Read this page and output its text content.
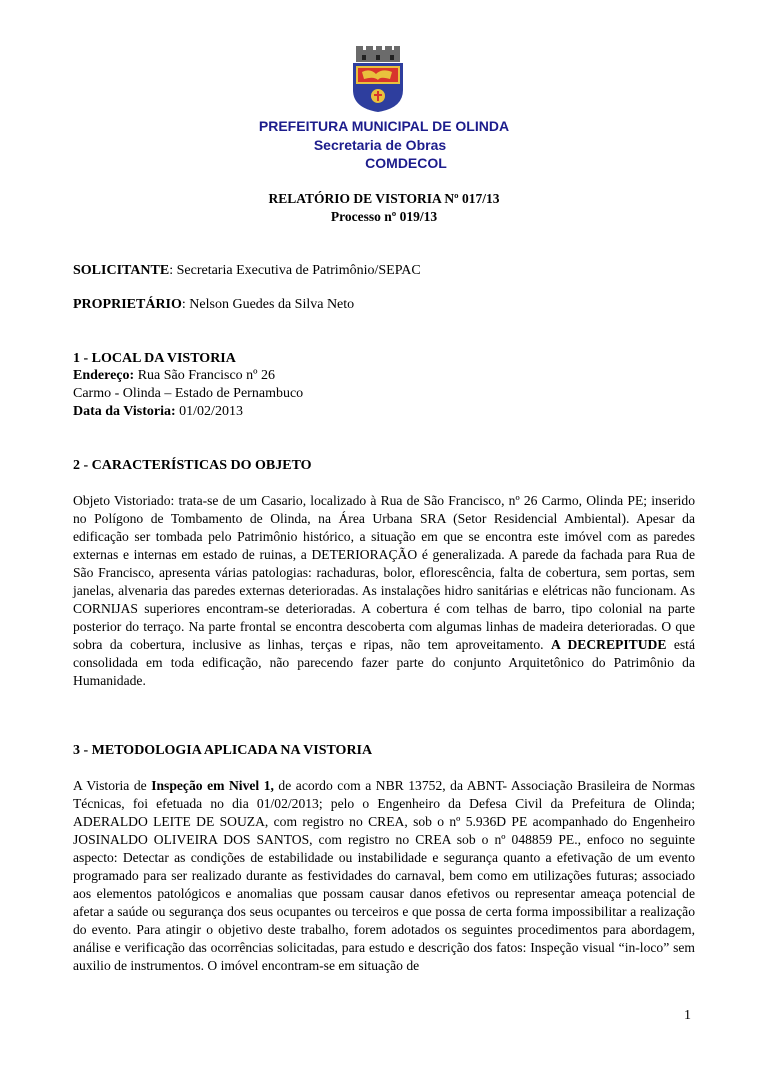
PREFEITURA MUNICIPAL DE OLINDA
Secretaria de Obras
COMDECOL
RELATÓRIO DE VISTORIA Nº 017/13
Processo nº 019/13
SOLICITANTE: Secretaria Executiva de Patrimônio/SEPAC
PROPRIETÁRIO: Nelson Guedes da Silva Neto
1 - LOCAL DA VISTORIA
Endereço: Rua São Francisco nº 26
Carmo - Olinda – Estado de Pernambuco
Data da Vistoria: 01/02/2013
2 - CARACTERÍSTICAS DO OBJETO

Objeto Vistoriado: trata-se de um Casario, localizado à Rua de São Francisco, nº 26 Carmo, Olinda PE; inserido no Polígono de Tombamento de Olinda, na Área Urbana SRA (Setor Residencial Ambiental). Apesar da edificação ser tombada pelo Patrimônio histórico, a situação em que se encontra este imóvel com as paredes externas e internas em estado de ruinas, a DETERIORAÇÃO é generalizada. A parede da fachada para Rua de São Francisco, apresenta várias patologias: rachaduras, bolor, eflorescência, falta de cobertura, sem portas, sem janelas, alvenaria das paredes externas deterioradas. As instalações hidro sanitárias e elétricas não funcionam. As CORNIJAS superiores encontram-se deterioradas. A cobertura é com telhas de barro, tipo colonial na parte posterior do terraço. Na parte frontal se encontra descoberta com algumas linhas de madeira deterioradas. O que sobra da cobertura, inclusive as linhas, terças e ripas, não tem aproveitamento. A DECREPITUDE está consolidada em toda edificação, não parecendo fazer parte do conjunto Arquitetônico do Patrimônio da Humanidade.

3 - METODOLOGIA APLICADA NA VISTORIA

A Vistoria de Inspeção em Nivel 1, de acordo com a NBR 13752, da ABNT- Associação Brasileira de Normas Técnicas, foi efetuada no dia 01/02/2013; pelo o Engenheiro da Defesa Civil da Prefeitura de Olinda; ADERALDO LEITE DE SOUZA, com registro no CREA, sob o nº 5.936D PE acompanhado do Engenheiro JOSINALDO OLIVEIRA DOS SANTOS, com registro no CREA sob o nº 048859 PE., enfoco no seguinte aspecto: Detectar as condições de estabilidade ou instabilidade e segurança quanto a efetivação de um evento programado para ser realizado durante as festividades do carnaval, bem como em utilizações futuras; associado aos elementos patológicos e anomalias que possam causar danos efetivos ou representar ameaça potencial de afetar a saúde ou segurança dos seus ocupantes ou terceiros e que possa de certa forma impossibilitar a realização do evento. Para atingir o objetivo deste trabalho, forem adotados os seguintes procedimentos para abordagem, análise e verificação das ocorrências solicitadas, para estudo e descrição dos fatos: Inspeção visual “in-loco” sem auxilio de instrumentos. O imóvel encontram-se em situação de

1
